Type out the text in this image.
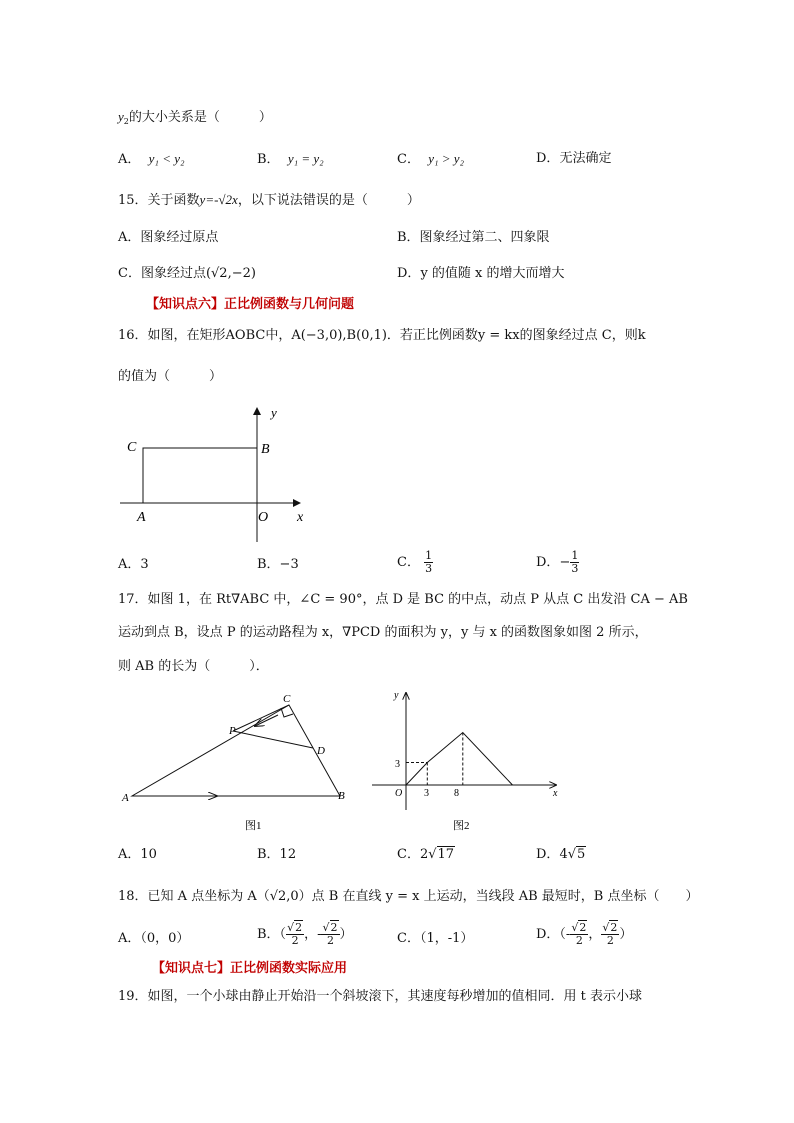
$y_2$的大小关系是（　　　）
A． y₁ < y₂	B． y₁ = y₂	C． y₁ > y₂	D．无法确定
15．关于函数y=-√2x，以下说法错误的是（　　　）
A．图象经过原点	B．图象经过第二、四象限
C．图象经过点(√2,−2)	D．y 的值随 x 的增大而增大
【知识点六】正比例函数与几何问题
16．如图，在矩形AOBC中，A(−3,0),B(0,1)．若正比例函数y = kx的图象经过点 C，则k
的值为（　　　）
y
C	B
A	O x
A．3	B．−3	C． $\frac{1}{3}$	D．− $\frac{1}{3}$
17．如图 1，在 Rt∇ABC 中，∠C = 90°，点 D 是 BC 的中点，动点 P 从点 C 出发沿 CA − AB
运动到点 B，设点 P 的运动路程为 x，∇PCD 的面积为 y，y 与 x 的函数图象如图 2 所示，
则 AB 的长为（　　　）．
C
P
D
A	B
图1
y
3
O 3	8	x
图2
A．10	B．12	C．2√17	D．4√5
18．已知 A 点坐标为 A（√2,0）点 B 在直线 y = x 上运动，当线段 AB 最短时，B 点坐标（　　）
A．（0，0）	B．（ $\frac{√2}{2}$ ，- $\frac{√2}{2}$ ）	C．（1，-1）	D．（- $\frac{√2}{2}$ ， $\frac{√2}{2}$ ）
【知识点七】正比例函数实际应用
19．如图，一个小球由静止开始沿一个斜坡滚下，其速度每秒增加的值相同．用 t 表示小球
